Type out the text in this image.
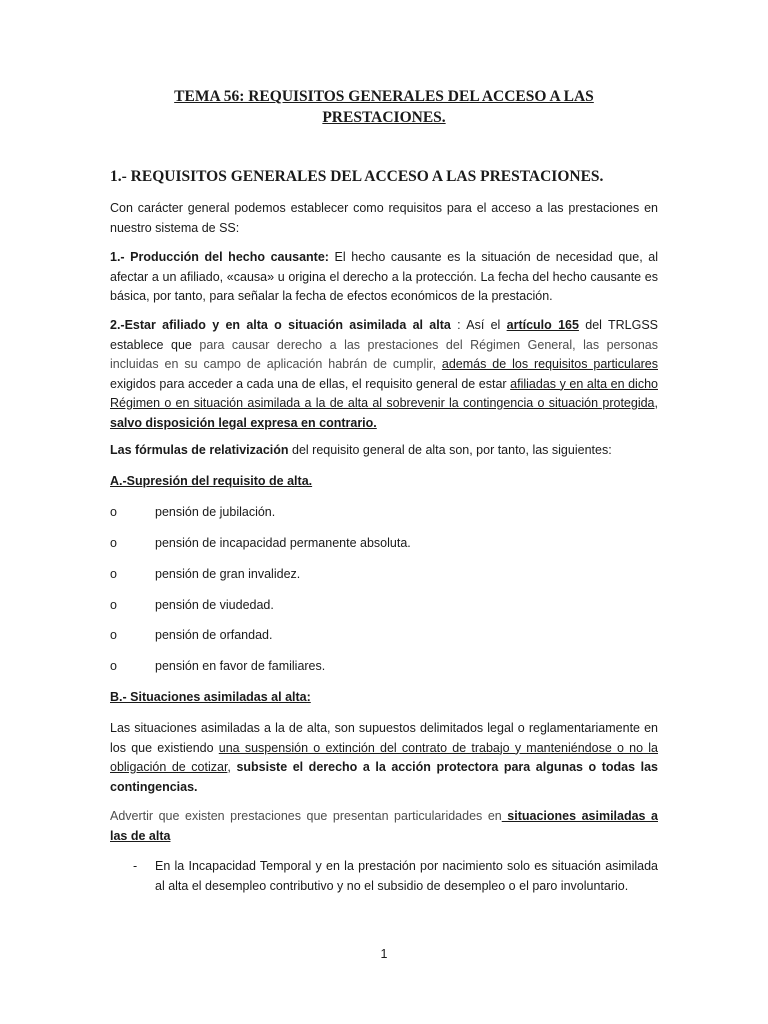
TEMA 56: REQUISITOS GENERALES DEL ACCESO A LAS
PRESTACIONES.
1.- REQUISITOS GENERALES DEL ACCESO A LAS PRESTACIONES.

Con carácter general podemos establecer como requisitos para el acceso a las prestaciones en nuestro sistema de SS:

1.- Producción del hecho causante: El hecho causante es la situación de necesidad que, al afectar a un afiliado, «causa» u origina el derecho a la protección. La fecha del hecho causante es básica, por tanto, para señalar la fecha de efectos económicos de la prestación.

2.-Estar afiliado y en alta o situación asimilada al alta : Así el artículo 165 del TRLGSS establece que para causar derecho a las prestaciones del Régimen General, las personas incluidas en su campo de aplicación habrán de cumplir, además de los requisitos particulares exigidos para acceder a cada una de ellas, el requisito general de estar afiliadas y en alta en dicho Régimen o en situación asimilada a la de alta al sobrevenir la contingencia o situación protegida, salvo disposición legal expresa en contrario.

Las fórmulas de relativización del requisito general de alta son, por tanto, las siguientes:

A.-Supresión del requisito de alta.

o	pensión de jubilación.
o	pensión de incapacidad permanente absoluta.
o	pensión de gran invalidez.
o	pensión de viudedad.
o	pensión de orfandad.
o	pensión en favor de familiares.

B.- Situaciones asimiladas al alta:

Las situaciones asimiladas a la de alta, son supuestos delimitados legal o reglamentariamente en los que existiendo una suspensión o extinción del contrato de trabajo y manteniéndose o no la obligación de cotizar, subsiste el derecho a la acción protectora para algunas o todas las contingencias.

Advertir que existen prestaciones que presentan particularidades en situaciones asimiladas a las de alta

- En la Incapacidad Temporal y en la prestación por nacimiento solo es situación asimilada al alta el desempleo contributivo y no el subsidio de desempleo o el paro involuntario.
1
